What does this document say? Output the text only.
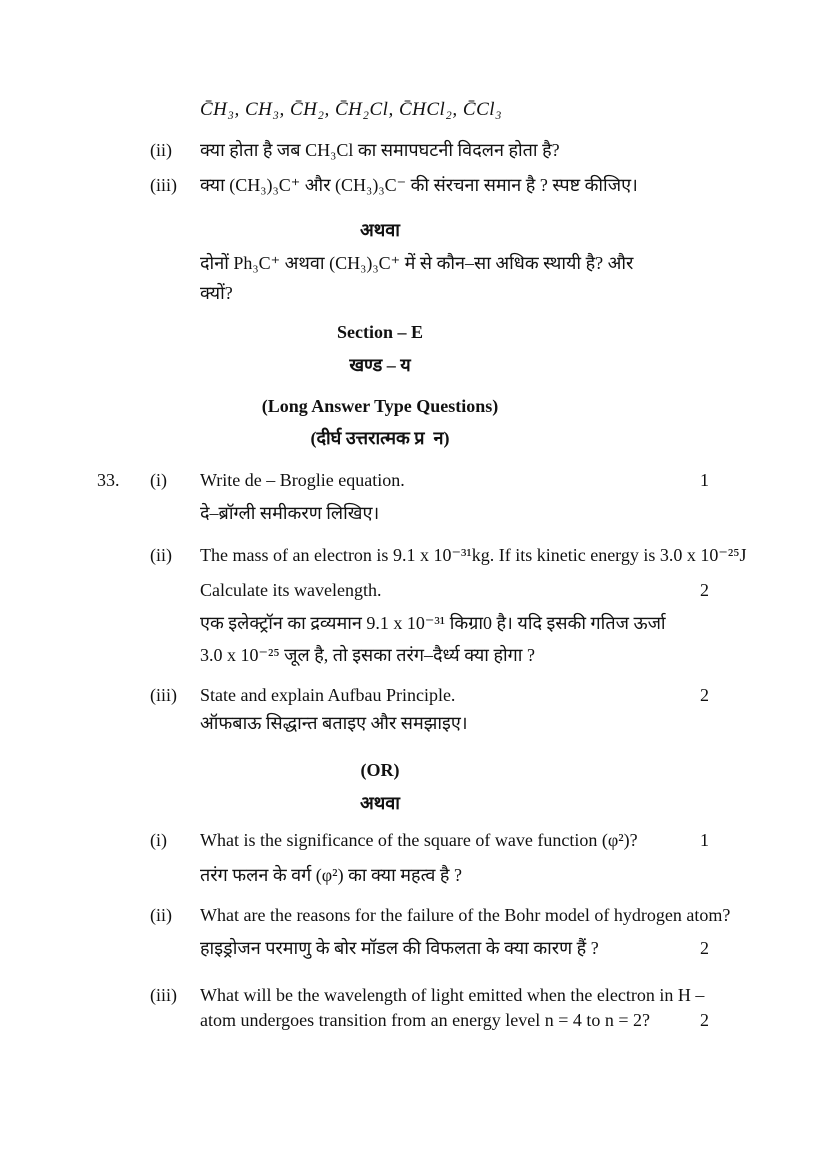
C̄H₃, CH₃, C̄H₂, C̄H₂Cl, C̄HCl₂, C̄Cl₃
(ii)	क्या होता है जब CH₃Cl का समापघटनी विदलन होता है?
(iii)	क्या (CH₃)₃C⁺ और (CH₃)₃C⁻ की संरचना समान है ? स्पष्ट कीजिए।
अथवा
दोनों Ph₃C⁺ अथवा (CH₃)₃C⁺ में से कौन–सा अधिक स्थायी है? और
क्यों?
Section – E
खण्ड – य
(Long Answer Type Questions)
(दीर्घ उत्तरात्मक प्र  न)
33.	(i)	Write de – Broglie equation.	1
दे–ब्रॉग्ली समीकरण लिखिए।
(ii)	The mass of an electron is 9.1 x 10⁻³¹kg. If its kinetic energy is 3.0 x 10⁻²⁵J
Calculate its wavelength.	2
एक इलेक्ट्रॉन का द्रव्यमान 9.1 x 10⁻³¹ किग्रा0 है। यदि इसकी गतिज ऊर्जा
3.0 x 10⁻²⁵ जूल है, तो इसका तरंग–दैर्ध्य क्या होगा ?
(iii)	State and explain Aufbau Principle.	2
ऑफबाऊ सिद्धान्त बताइए और समझाइए।
(OR)
अथवा
(i)	What is the significance of the square of wave function (φ²)?	1
तरंग फलन के वर्ग (φ²) का क्या महत्व है ?
(ii)	What are the reasons for the failure of the Bohr model of hydrogen atom?
हाइड्रोजन परमाणु के बोर मॉडल की विफलता के क्या कारण हैं ?	2
(iii)	What will be the wavelength of light emitted when the electron in H –
atom undergoes transition from an energy level n = 4 to n = 2?	2
